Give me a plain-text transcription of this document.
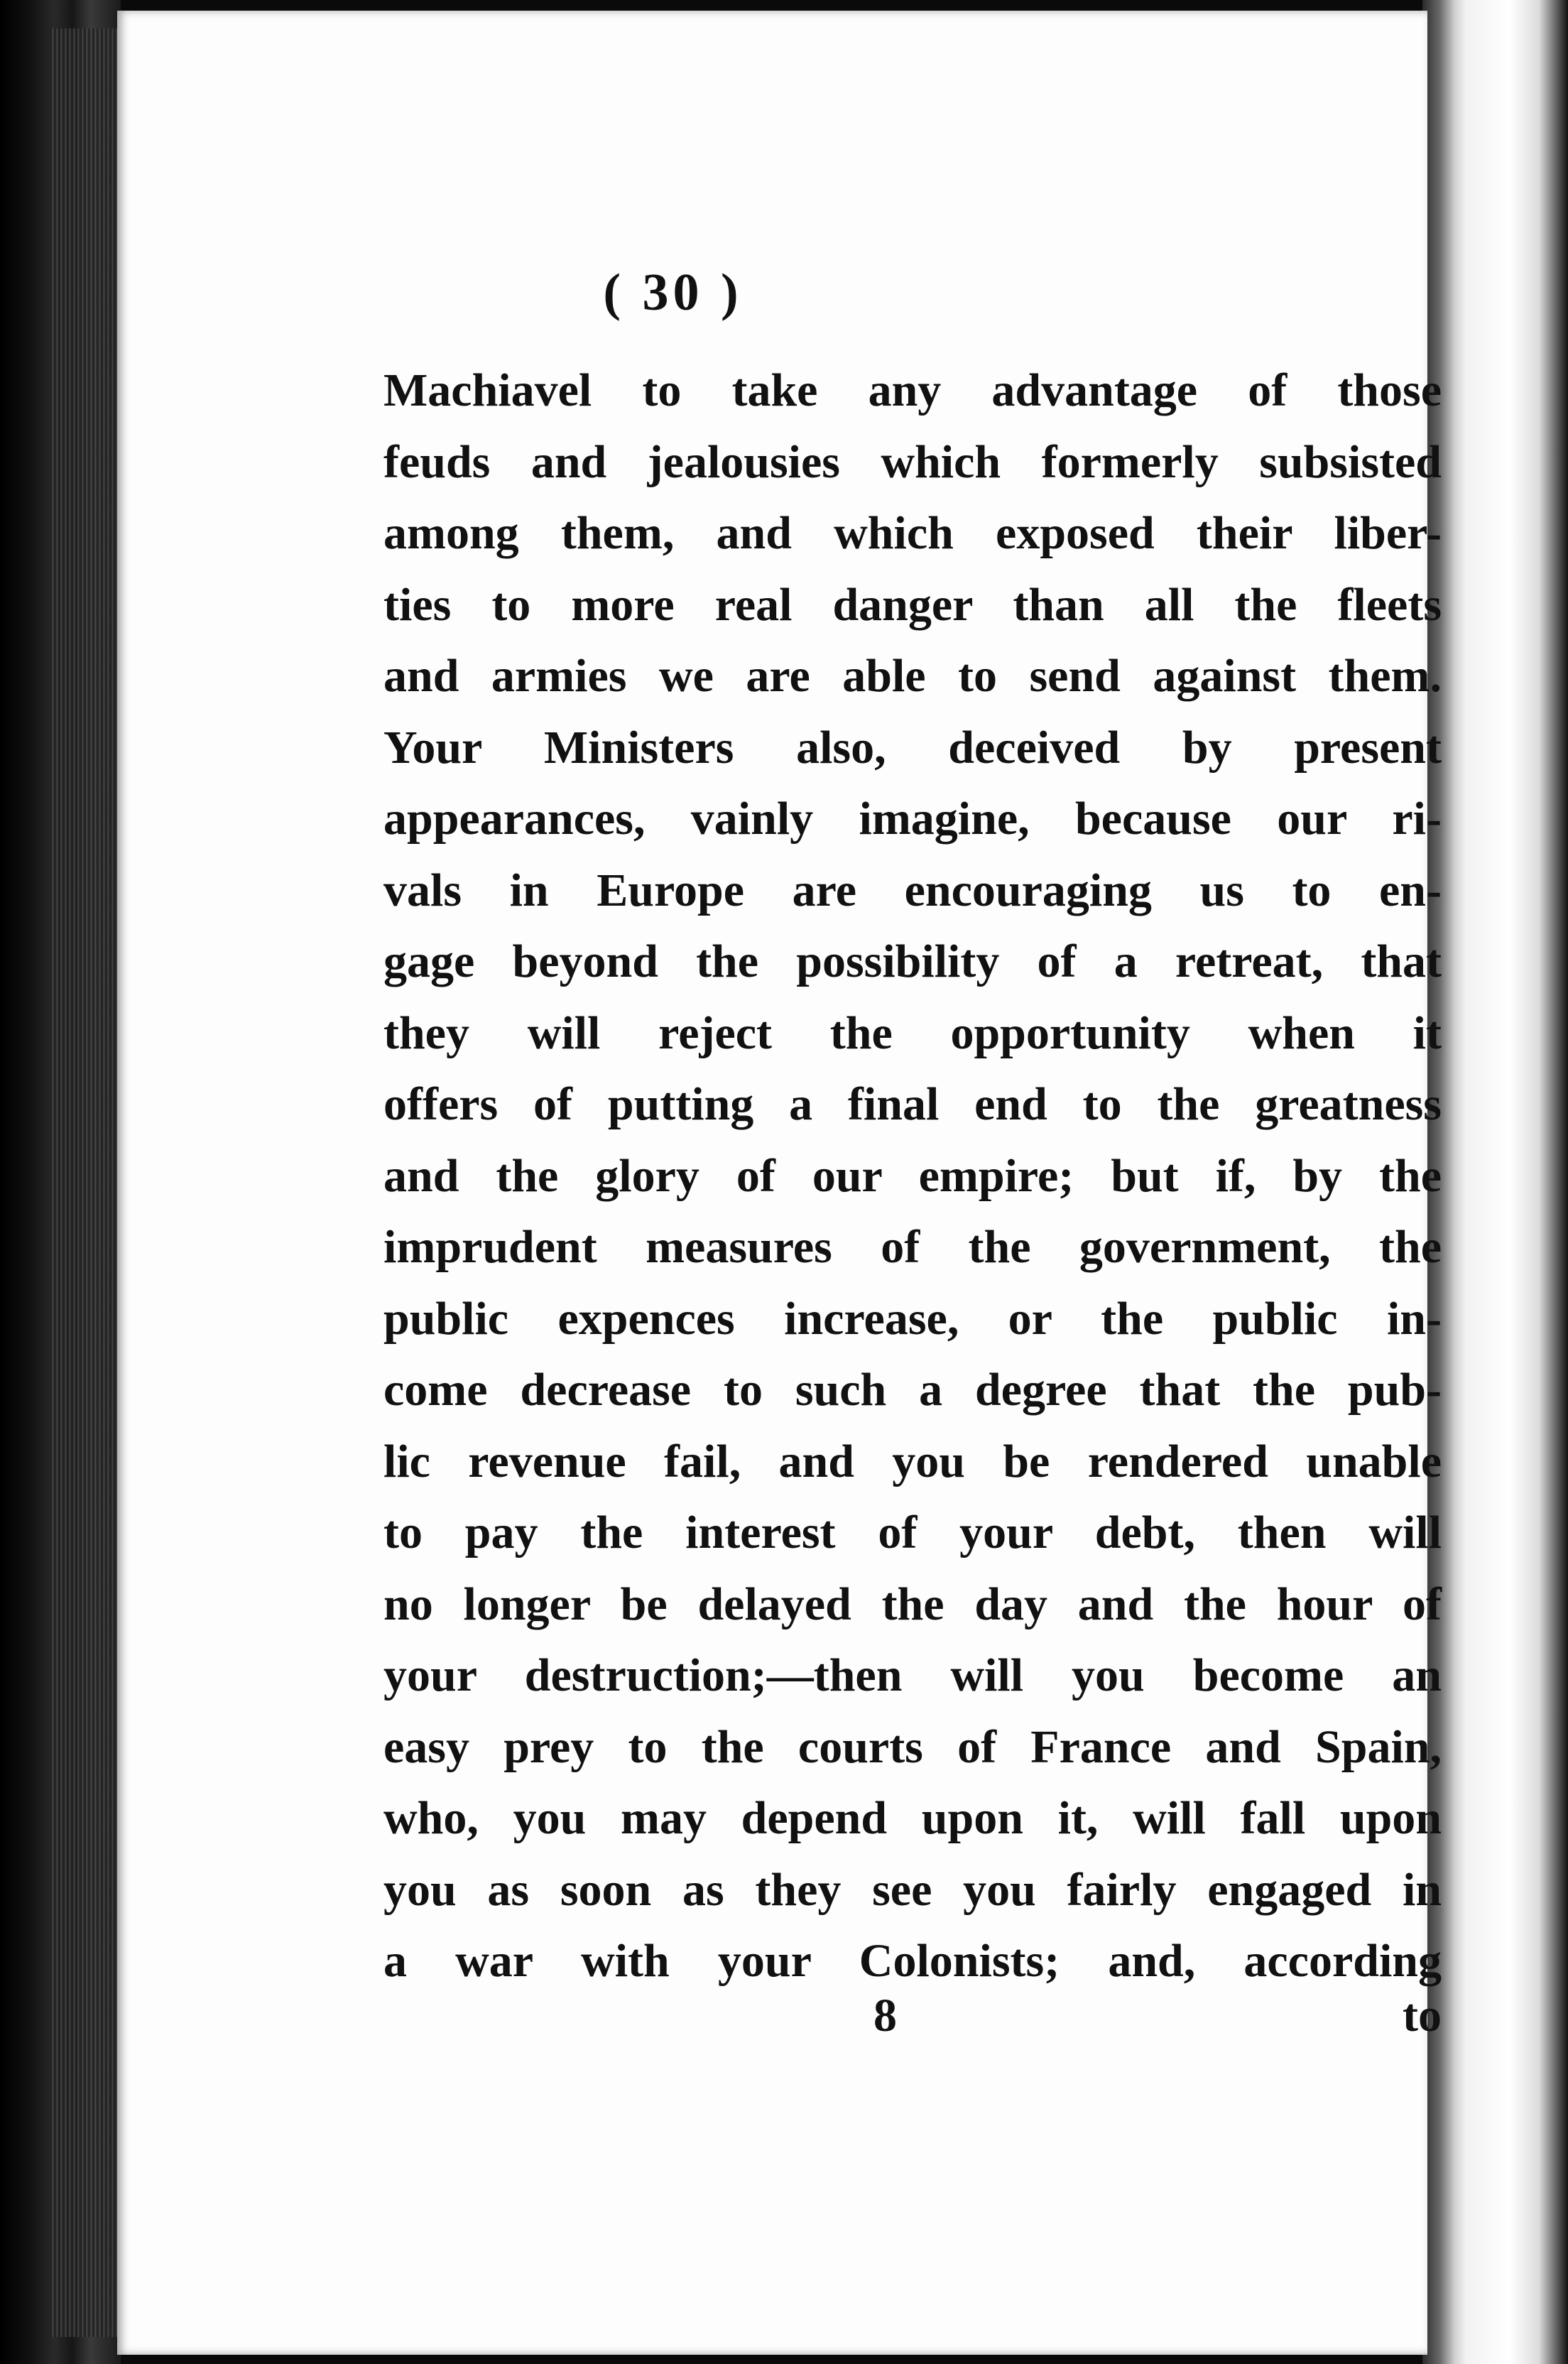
( 30 )
Machiavel to take any advantage of those
feuds and jealousies which formerly subsisted
among them, and which exposed their liber-
ties to more real danger than all the fleets
and armies we are able to send against them.
Your Ministers also, deceived by present
appearances, vainly imagine, because our ri-
vals in Europe are encouraging us to en-
gage beyond the possibility of a retreat, that
they will reject the opportunity when it
offers of putting a final end to the greatness
and the glory of our empire; but if, by the
imprudent measures of the government, the
public expences increase, or the public in-
come decrease to such a degree that the pub-
lic revenue fail, and you be rendered unable
to pay the interest of your debt, then will
no longer be delayed the day and the hour of
your destruction;—then will you become an
easy prey to the courts of France and Spain,
who, you may depend upon it, will fall upon
you as soon as they see you fairly engaged in
a war with your Colonists; and, according
8	to
